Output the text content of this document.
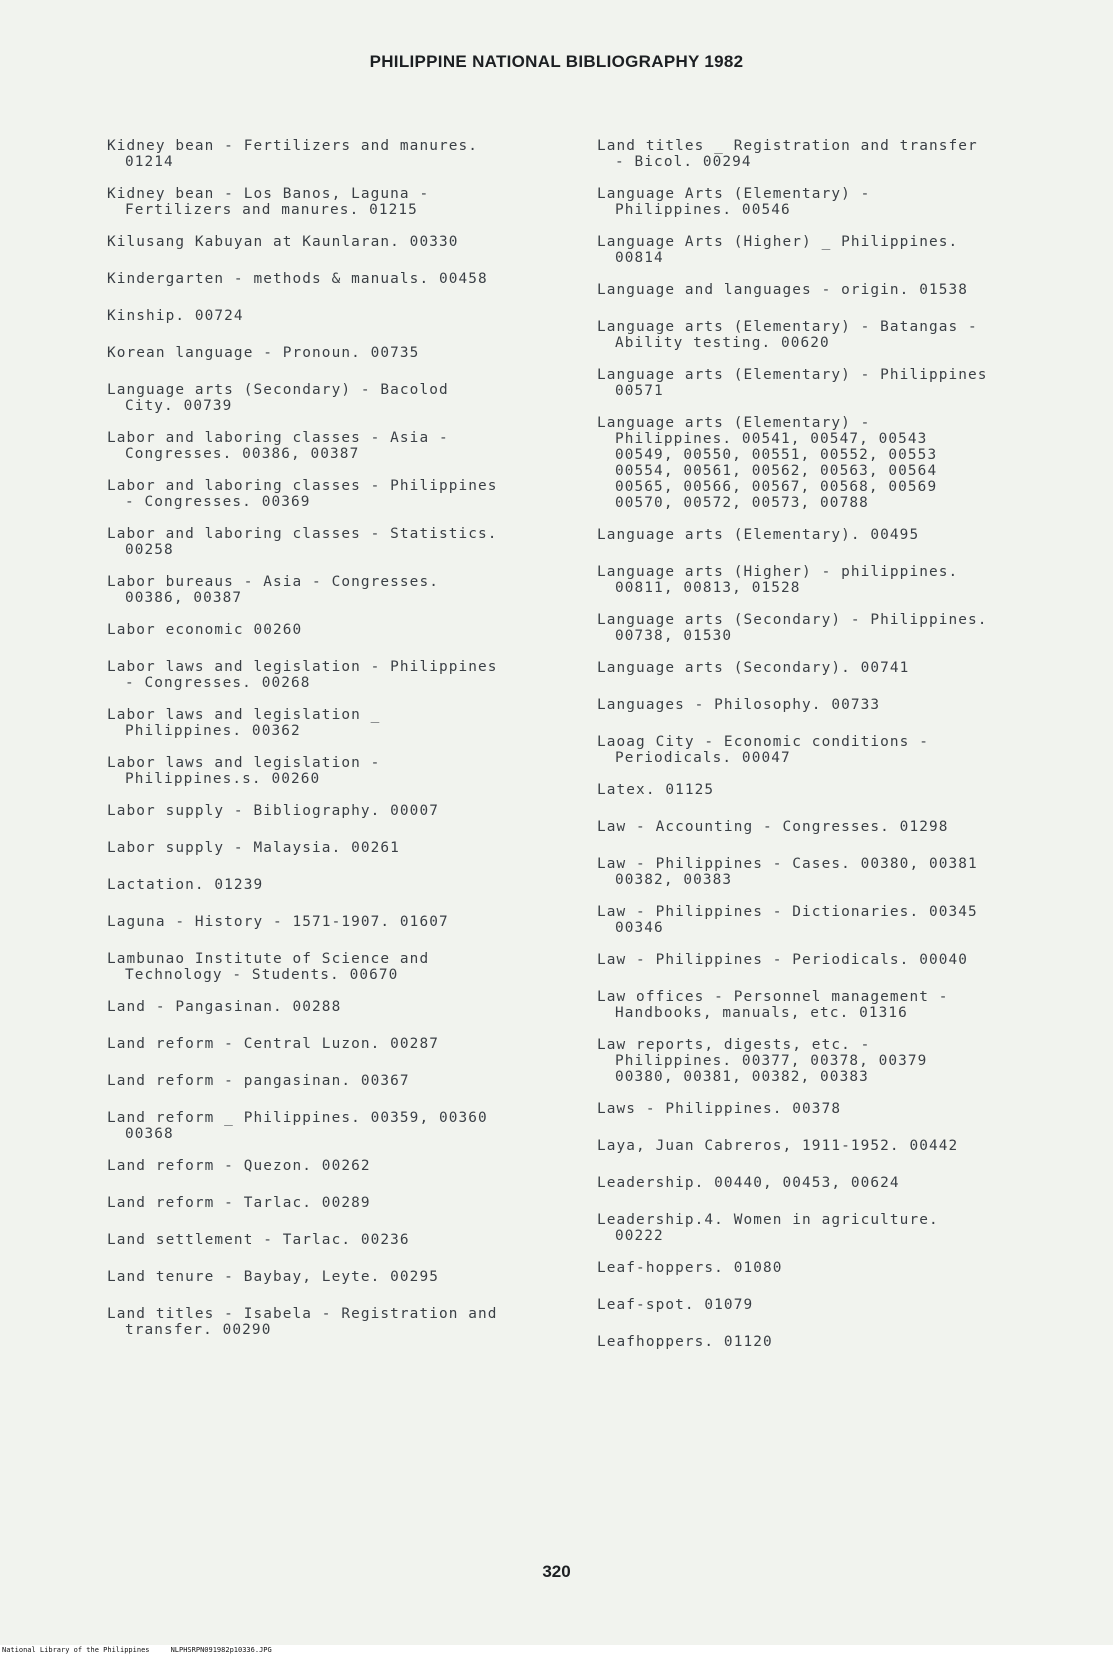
PHILIPPINE NATIONAL BIBLIOGRAPHY 1982
Kidney bean - Fertilizers and manures.
01214
Kidney bean - Los Banos, Laguna -
Fertilizers and manures. 01215
Kilusang Kabuyan at Kaunlaran. 00330
Kindergarten - methods & manuals. 00458
Kinship. 00724
Korean language - Pronoun. 00735
Language arts (Secondary) - Bacolod
City. 00739
Labor and laboring classes - Asia -
Congresses. 00386, 00387
Labor and laboring classes - Philippines
- Congresses. 00369
Labor and laboring classes - Statistics.
00258
Labor bureaus - Asia - Congresses.
00386, 00387
Labor economic 00260
Labor laws and legislation - Philippines
- Congresses. 00268
Labor laws and legislation _
Philippines. 00362
Labor laws and legislation -
Philippines.s. 00260
Labor supply - Bibliography. 00007
Labor supply - Malaysia. 00261
Lactation. 01239
Laguna - History - 1571-1907. 01607
Lambunao Institute of Science and
Technology - Students. 00670
Land - Pangasinan. 00288
Land reform - Central Luzon. 00287
Land reform - pangasinan. 00367
Land reform _ Philippines. 00359, 00360
00368
Land reform - Quezon. 00262
Land reform - Tarlac. 00289
Land settlement - Tarlac. 00236
Land tenure - Baybay, Leyte. 00295
Land titles - Isabela - Registration and
transfer. 00290
Land titles _ Registration and transfer
- Bicol. 00294
Language Arts (Elementary) -
Philippines. 00546
Language Arts (Higher) _ Philippines.
00814
Language and languages - origin. 01538
Language arts (Elementary) - Batangas -
Ability testing. 00620
Language arts (Elementary) - Philippines
00571
Language arts (Elementary) -
Philippines. 00541, 00547, 00543
00549, 00550, 00551, 00552, 00553
00554, 00561, 00562, 00563, 00564
00565, 00566, 00567, 00568, 00569
00570, 00572, 00573, 00788
Language arts (Elementary). 00495
Language arts (Higher) - philippines.
00811, 00813, 01528
Language arts (Secondary) - Philippines.
00738, 01530
Language arts (Secondary). 00741
Languages - Philosophy. 00733
Laoag City - Economic conditions -
Periodicals. 00047
Latex. 01125
Law - Accounting - Congresses. 01298
Law - Philippines - Cases. 00380, 00381
00382, 00383
Law - Philippines - Dictionaries. 00345
00346
Law - Philippines - Periodicals. 00040
Law offices - Personnel management -
Handbooks, manuals, etc. 01316
Law reports, digests, etc. -
Philippines. 00377, 00378, 00379
00380, 00381, 00382, 00383
Laws - Philippines. 00378
Laya, Juan Cabreros, 1911-1952. 00442
Leadership. 00440, 00453, 00624
Leadership.4. Women in agriculture.
00222
Leaf-hoppers. 01080
Leaf-spot. 01079
Leafhoppers. 01120
320
National Library of the Philippines     NLPHSRPN091982p10336.JPG
